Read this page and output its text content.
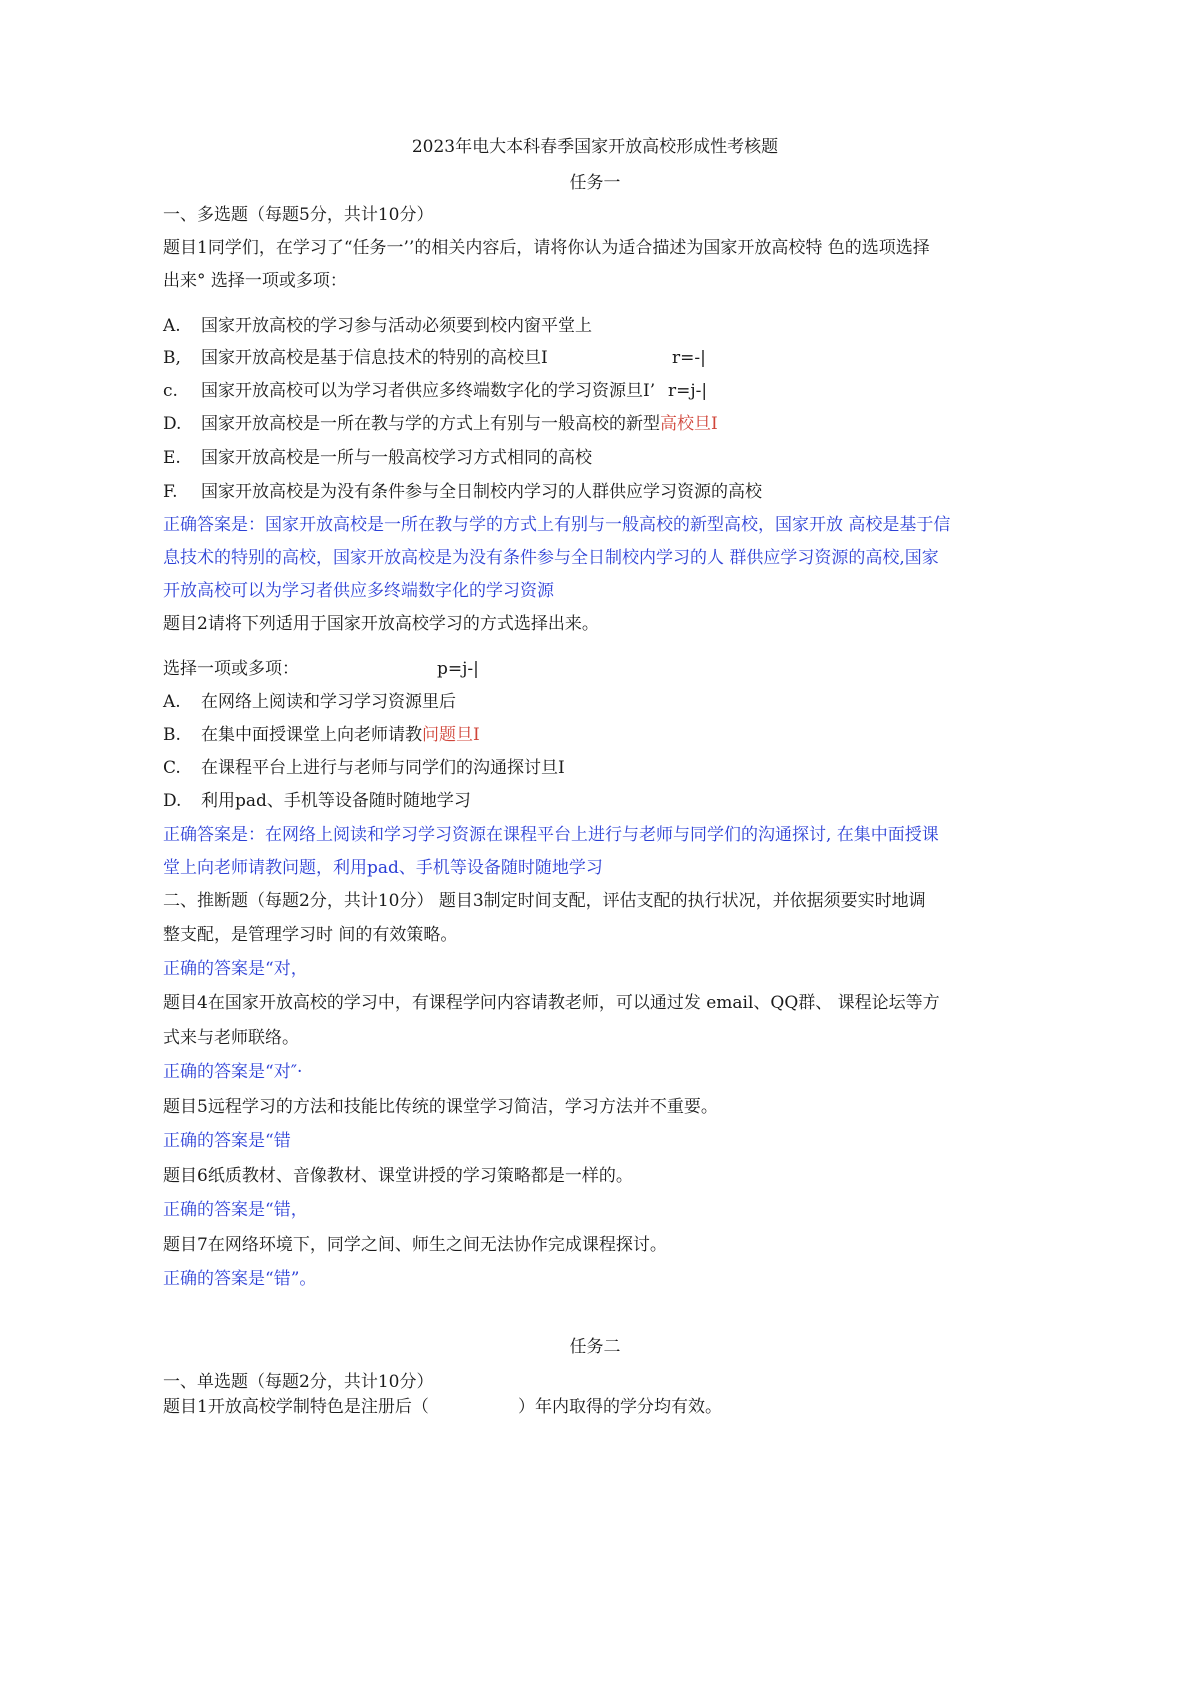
2023年电大本科春季国家开放高校形成性考核题
任务一
一、多选题（每题5分，共计10分）
题目1同学们，在学习了“任务一’’的相关内容后，请将你认为适合描述为国家开放高校特 色的选项选择
出来° 选择一项或多项：
A. 国家开放高校的学习参与活动必须要到校内窗平堂上
B, 国家开放高校是基于信息技术的特别的高校旦Ⅰ	r=-|
c. 国家开放高校可以为学习者供应多终端数字化的学习资源旦Ⅰ’ r=j-|
D. 国家开放高校是一所在教与学的方式上有别与一般高校的新型高校旦Ⅰ
E. 国家开放高校是一所与一般高校学习方式相同的高校
F. 国家开放高校是为没有条件参与全日制校内学习的人群供应学习资源的高校
正确答案是：国家开放高校是一所在教与学的方式上有别与一般高校的新型高校，国家开放 高校是基于信
息技术的特别的高校，国家开放高校是为没有条件参与全日制校内学习的人 群供应学习资源的高校,国家
开放高校可以为学习者供应多终端数字化的学习资源
题目2请将下列适用于国家开放高校学习的方式选择出来。
选择一项或多项：	p=j-|
A. 在网络上阅读和学习学习资源里后
B. 在集中面授课堂上向老师请教问题旦Ⅰ
C. 在课程平台上进行与老师与同学们的沟通探讨旦Ⅰ
D. 利用pad、手机等设备随时随地学习
正确答案是：在网络上阅读和学习学习资源在课程平台上进行与老师与同学们的沟通探讨, 在集中面授课
堂上向老师请教问题，利用pad、手机等设备随时随地学习
二、推断题（每题2分，共计10分） 题目3制定时间支配，评估支配的执行状况，并依据须要实时地调
整支配，是管理学习时 间的有效策略。
正确的答案是“对，
题目4在国家开放高校的学习中，有课程学问内容请教老师，可以通过发 email、QQ群、 课程论坛等方
式来与老师联络。
正确的答案是“对″·
题目5远程学习的方法和技能比传统的课堂学习简洁，学习方法并不重要。
正确的答案是“错
题目6纸质教材、音像教材、课堂讲授的学习策略都是一样的。
正确的答案是“错，
题目7在网络环境下，同学之间、师生之间无法协作完成课程探讨。
正确的答案是“错”。
任务二
一、单选题（每题2分，共计10分）
题目1开放高校学制特色是注册后（	）年内取得的学分均有效。
